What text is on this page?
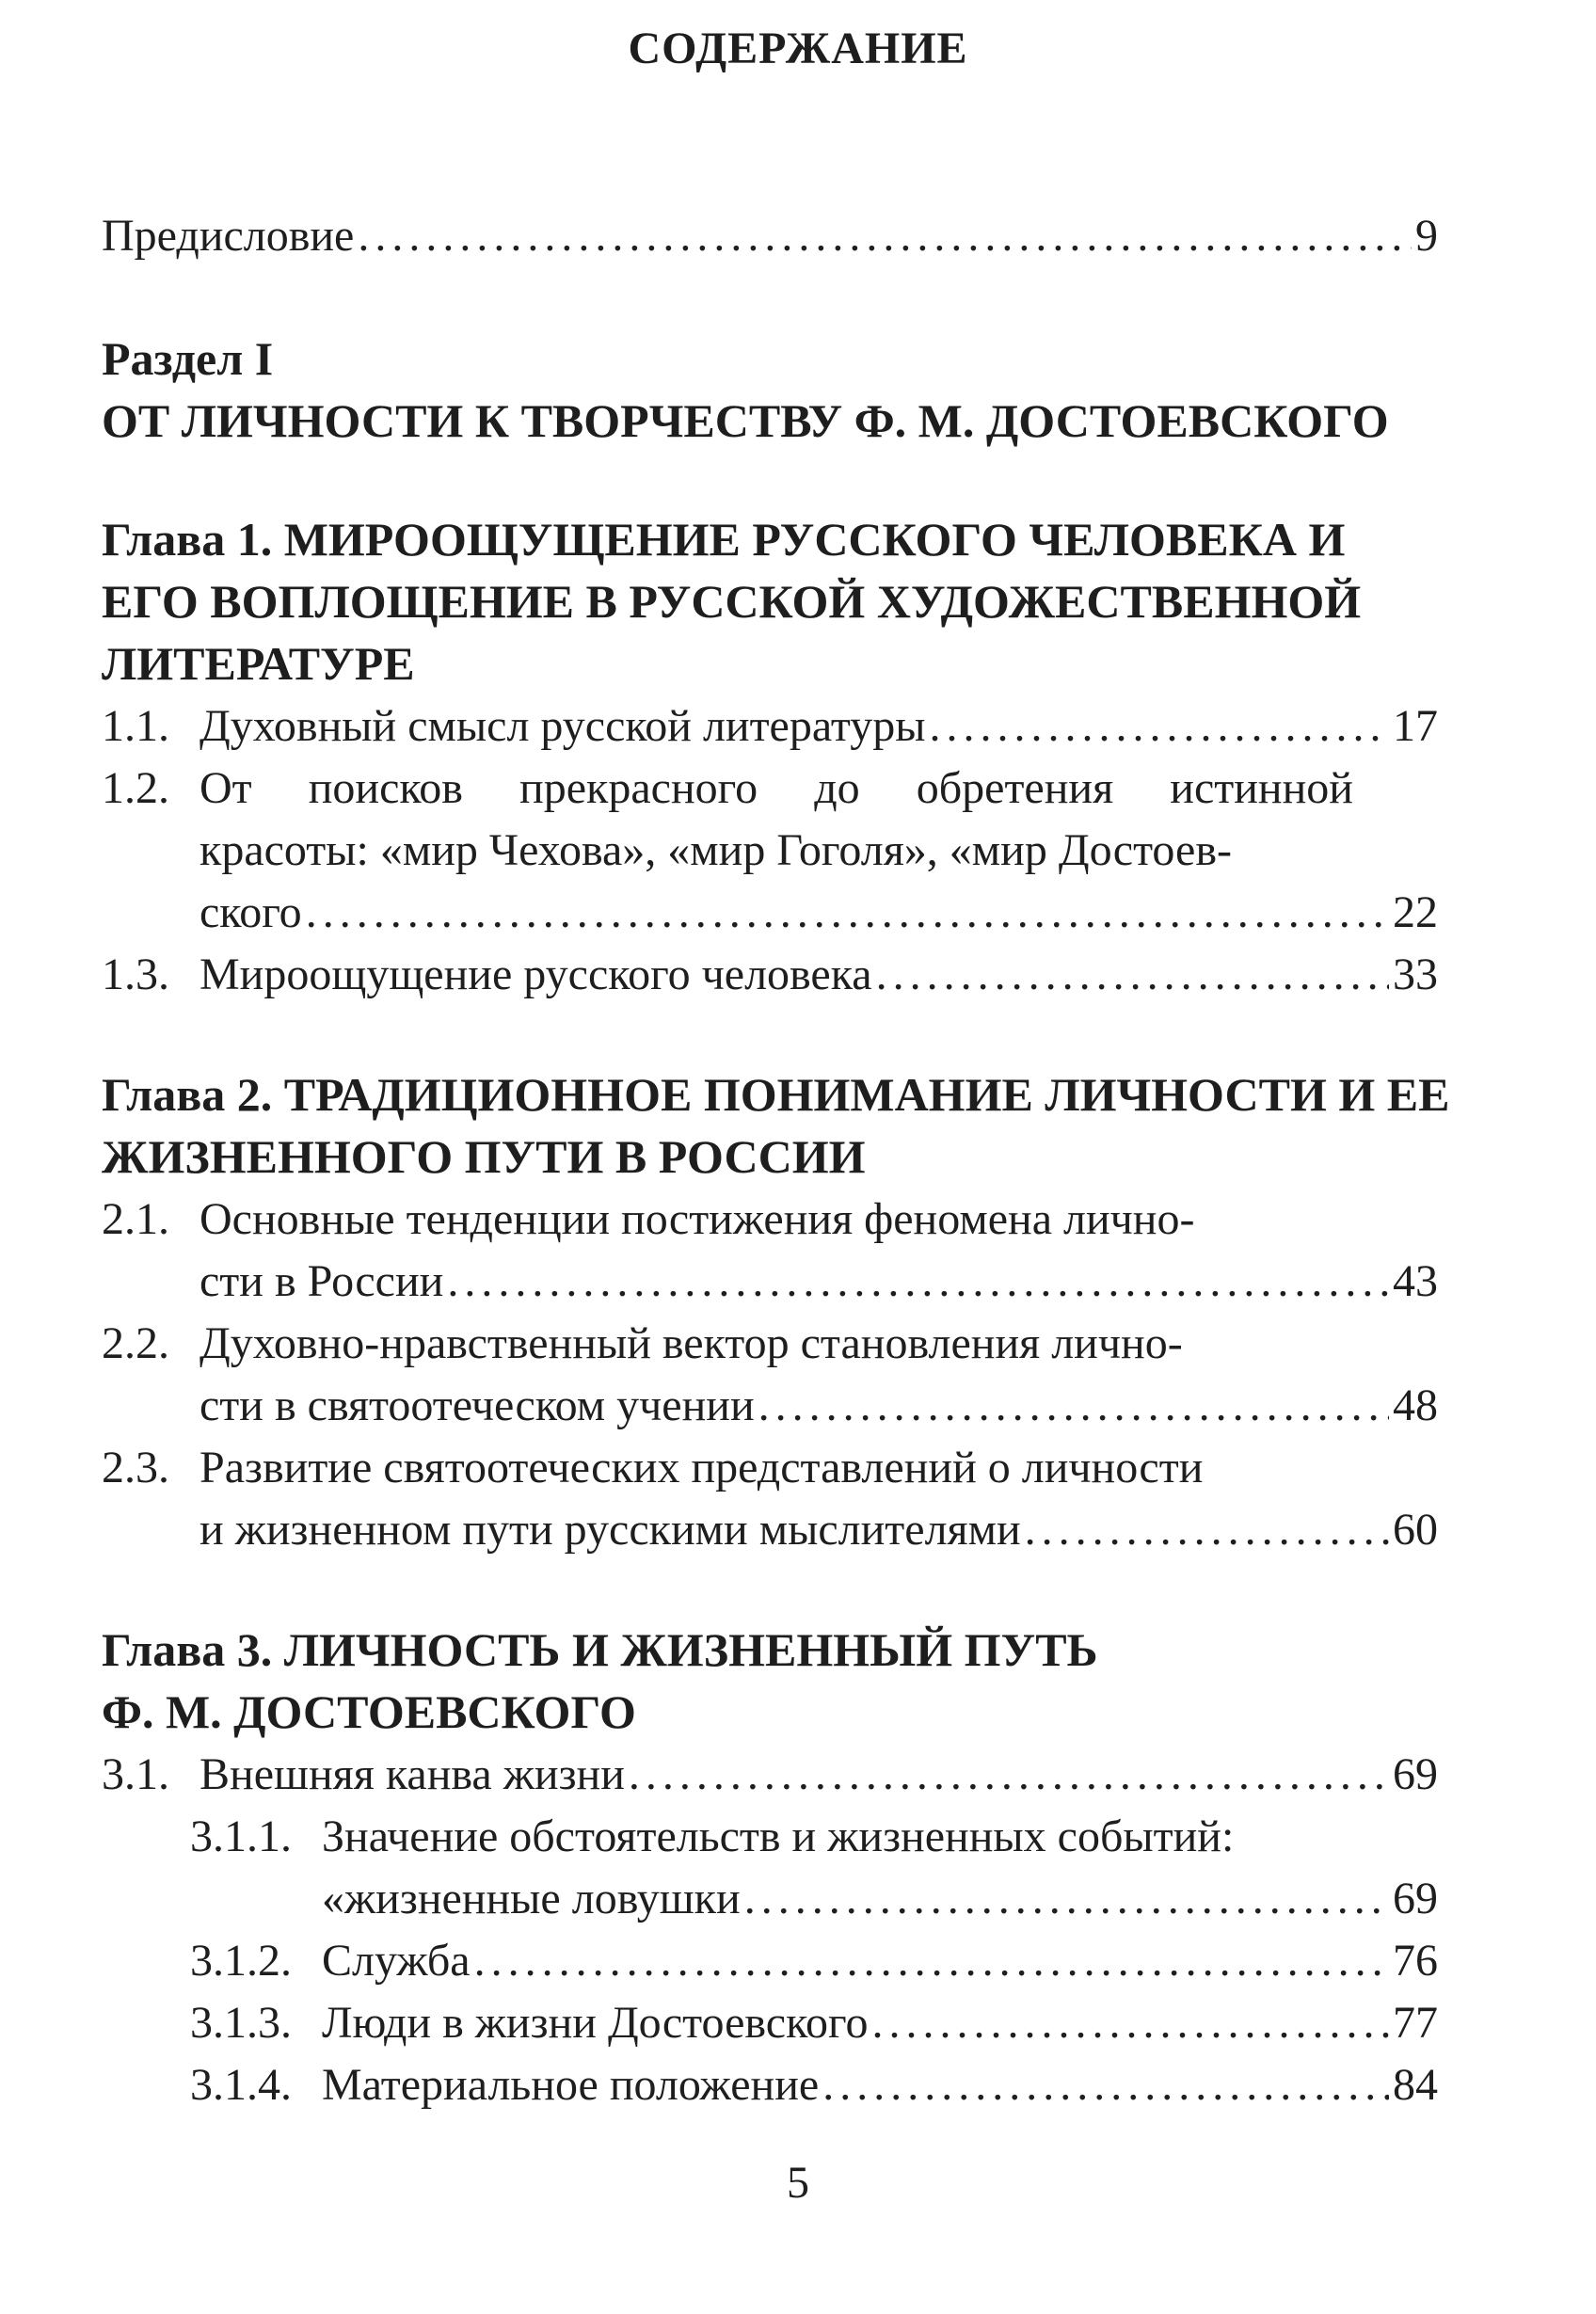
СОДЕРЖАНИЕ
Предисловие . . .	9
Раздел I
ОТ ЛИЧНОСТИ К ТВОРЧЕСТВУ Ф. М. ДОСТОЕВСКОГО
Глава 1. МИРООЩУЩЕНИЕ РУССКОГО ЧЕЛОВЕКА И
ЕГО ВОПЛОЩЕНИЕ В РУССКОЙ ХУДОЖЕСТВЕННОЙ
ЛИТЕРАТУРЕ
1.1. Духовный смысл русской литературы . . .	17
1.2. От поисков прекрасного до обретения истинной
красоты: «мир Чехова», «мир Гоголя», «мир Достоев-
ского . . .	22
1.3. Мироощущение русского человека . . .	33
Глава 2. ТРАДИЦИОННОЕ ПОНИМАНИЕ ЛИЧНОСТИ И ЕЕ
ЖИЗНЕННОГО ПУТИ В РОССИИ
2.1. Основные тенденции постижения феномена лично-
сти в России . . .	43
2.2. Духовно-нравственный вектор становления лично-
сти в святоотеческом учении . . .	48
2.3. Развитие святоотеческих представлений о личности
и жизненном пути русскими мыслителями . . .	60
Глава 3. ЛИЧНОСТЬ И ЖИЗНЕННЫЙ ПУТЬ
Ф. М. ДОСТОЕВСКОГО
3.1. Внешняя канва жизни . . .	69
3.1.1. Значение обстоятельств и жизненных событий:
«жизненные ловушки . . .	69
3.1.2. Служба . . .	76
3.1.3. Люди в жизни Достоевского . . .	77
3.1.4. Материальное положение . . .	84
5
